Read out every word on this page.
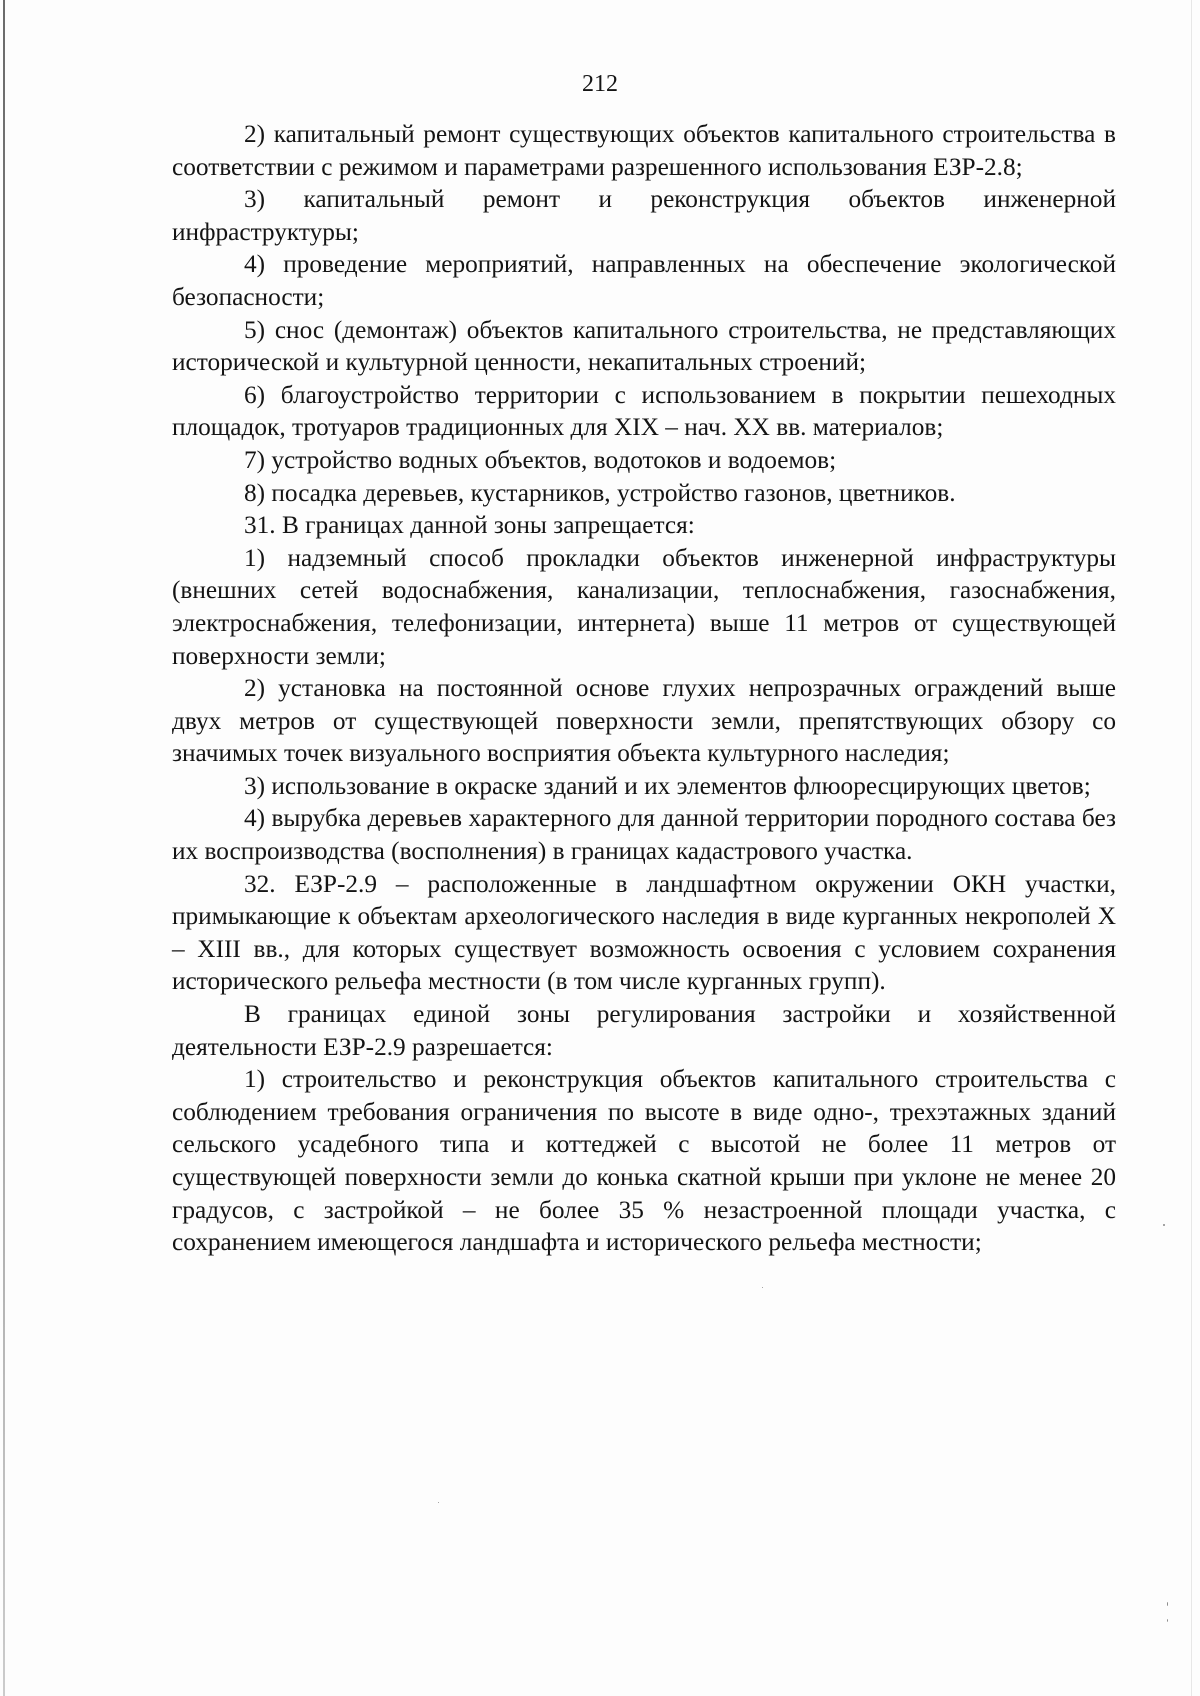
212

2) капитальный ремонт существующих объектов капитального строительства в соответствии с режимом и параметрами разрешенного использования ЕЗР-2.8;

3) капитальный ремонт и реконструкция объектов инженерной инфраструктуры;

4) проведение мероприятий, направленных на обеспечение экологической безопасности;

5) снос (демонтаж) объектов капитального строительства, не представляющих исторической и культурной ценности, некапитальных строений;

6) благоустройство территории с использованием в покрытии пешеходных площадок, тротуаров традиционных для XIX – нач. XX вв. материалов;

7) устройство водных объектов, водотоков и водоемов;

8) посадка деревьев, кустарников, устройство газонов, цветников.

31. В границах данной зоны запрещается:

1) надземный способ прокладки объектов инженерной инфраструктуры (внешних сетей водоснабжения, канализации, теплоснабжения, газоснабжения, электроснабжения, телефонизации, интернета) выше 11 метров от существующей поверхности земли;

2) установка на постоянной основе глухих непрозрачных ограждений выше двух метров от существующей поверхности земли, препятствующих обзору со значимых точек визуального восприятия объекта культурного наследия;

3) использование в окраске зданий и их элементов флюоресцирующих цветов;

4) вырубка деревьев характерного для данной территории породного состава без их воспроизводства (восполнения) в границах кадастрового участка.

32. ЕЗР-2.9 – расположенные в ландшафтном окружении ОКН участки, примыкающие к объектам археологического наследия в виде курганных некрополей X – XIII вв., для которых существует возможность освоения с условием сохранения исторического рельефа местности (в том числе курганных групп).

В границах единой зоны регулирования застройки и хозяйственной деятельности ЕЗР-2.9 разрешается:

1) строительство и реконструкция объектов капитального строительства с соблюдением требования ограничения по высоте в виде одно-, трехэтажных зданий сельского усадебного типа и коттеджей с высотой не более 11 метров от существующей поверхности земли до конька скатной крыши при уклоне не менее 20 градусов, с застройкой – не более 35 % незастроенной площади участка, с сохранением имеющегося ландшафта и исторического рельефа местности;
